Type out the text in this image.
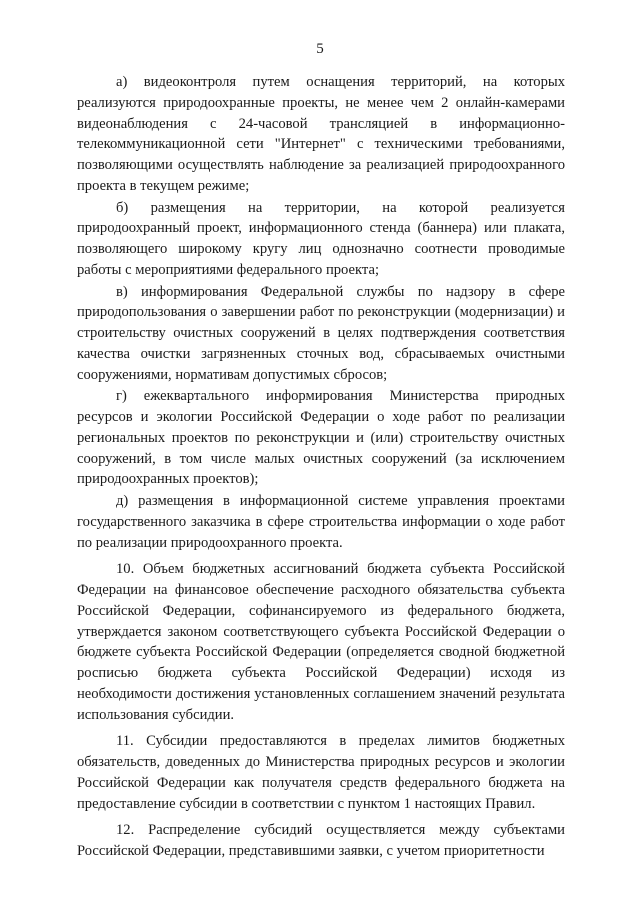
5

а) видеоконтроля путем оснащения территорий, на которых реализуются природоохранные проекты, не менее чем 2 онлайн-камерами видеонаблюдения с 24-часовой трансляцией в информационно-телекоммуникационной сети "Интернет" с техническими требованиями, позволяющими осуществлять наблюдение за реализацией природоохранного проекта в текущем режиме;

б) размещения на территории, на которой реализуется природоохранный проект, информационного стенда (баннера) или плаката, позволяющего широкому кругу лиц однозначно соотнести проводимые работы с мероприятиями федерального проекта;

в) информирования Федеральной службы по надзору в сфере природопользования о завершении работ по реконструкции (модернизации) и строительству очистных сооружений в целях подтверждения соответствия качества очистки загрязненных сточных вод, сбрасываемых очистными сооружениями, нормативам допустимых сбросов;

г) ежеквартального информирования Министерства природных ресурсов и экологии Российской Федерации о ходе работ по реализации региональных проектов по реконструкции и (или) строительству очистных сооружений, в том числе малых очистных сооружений (за исключением природоохранных проектов);

д) размещения в информационной системе управления проектами государственного заказчика в сфере строительства информации о ходе работ по реализации природоохранного проекта.

10. Объем бюджетных ассигнований бюджета субъекта Российской Федерации на финансовое обеспечение расходного обязательства субъекта Российской Федерации, софинансируемого из федерального бюджета, утверждается законом соответствующего субъекта Российской Федерации о бюджете субъекта Российской Федерации (определяется сводной бюджетной росписью бюджета субъекта Российской Федерации) исходя из необходимости достижения установленных соглашением значений результата использования субсидии.

11. Субсидии предоставляются в пределах лимитов бюджетных обязательств, доведенных до Министерства природных ресурсов и экологии Российской Федерации как получателя средств федерального бюджета на предоставление субсидии в соответствии с пунктом 1 настоящих Правил.

12. Распределение субсидий осуществляется между субъектами Российской Федерации, представившими заявки, с учетом приоритетности
